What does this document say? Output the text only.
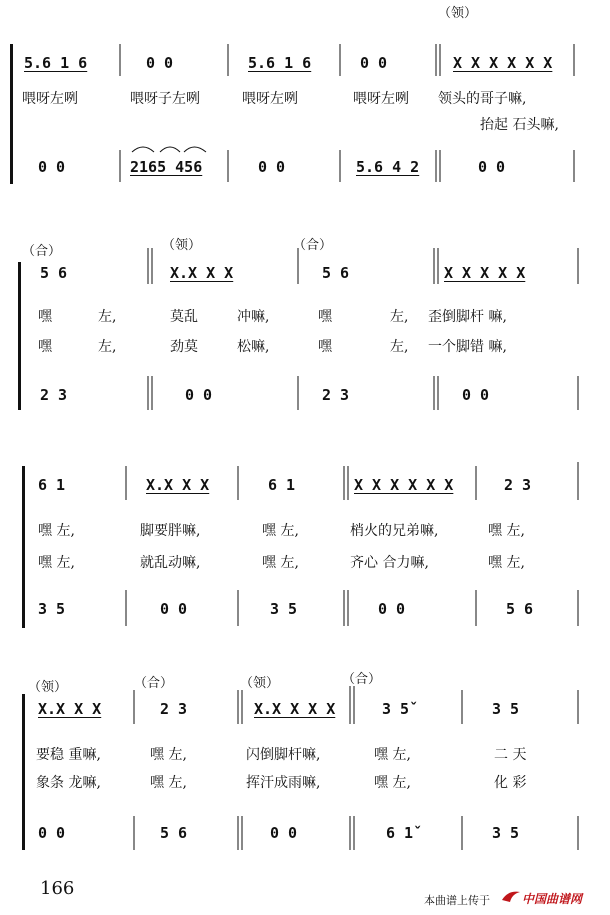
（领）
5.6 1 6	0 0	5.6 1 6	0 0	X X X X X X
喂呀左咧	喂呀子左咧	喂呀左咧	喂呀左咧 领头的哥子嘛,
抬起 石头嘛,
0 0	2165 456	0 0	5.6 4 2	0 0
（合）	（领）	（合）
5 6	X.X X X	5 6	X X X X X
嘿	左,	莫乱	冲嘛,	嘿	左, 歪倒脚杆 嘛,
嘿	左,	劲莫	松嘛,	嘿	左, 一个脚错 嘛,
2 3	0 0	2 3	0 0
6 1	X.X X X	6 1	X X X X X X	2 3
嘿 左,	脚要胖嘛,	嘿 左,	梢火的兄弟嘛,	嘿 左,
嘿 左,	就乱动嘛,	嘿 左,	齐心 合力嘛,	嘿 左,
3 5	0 0	3 5	0 0	5 6
（领）	（合）	（领）	（合）
X.X X X	2 3	X.X X X X	3 5ˇ	3 5
要稳 重嘛,	嘿 左,	闪倒脚杆嘛,	嘿 左,	二 天
象条 龙嘛,	嘿 左,	挥汗成雨嘛,	嘿 左,	化 彩
0 0	5 6	0 0	6 1ˇ	3 5
166
本曲谱上传于	中国曲谱网
